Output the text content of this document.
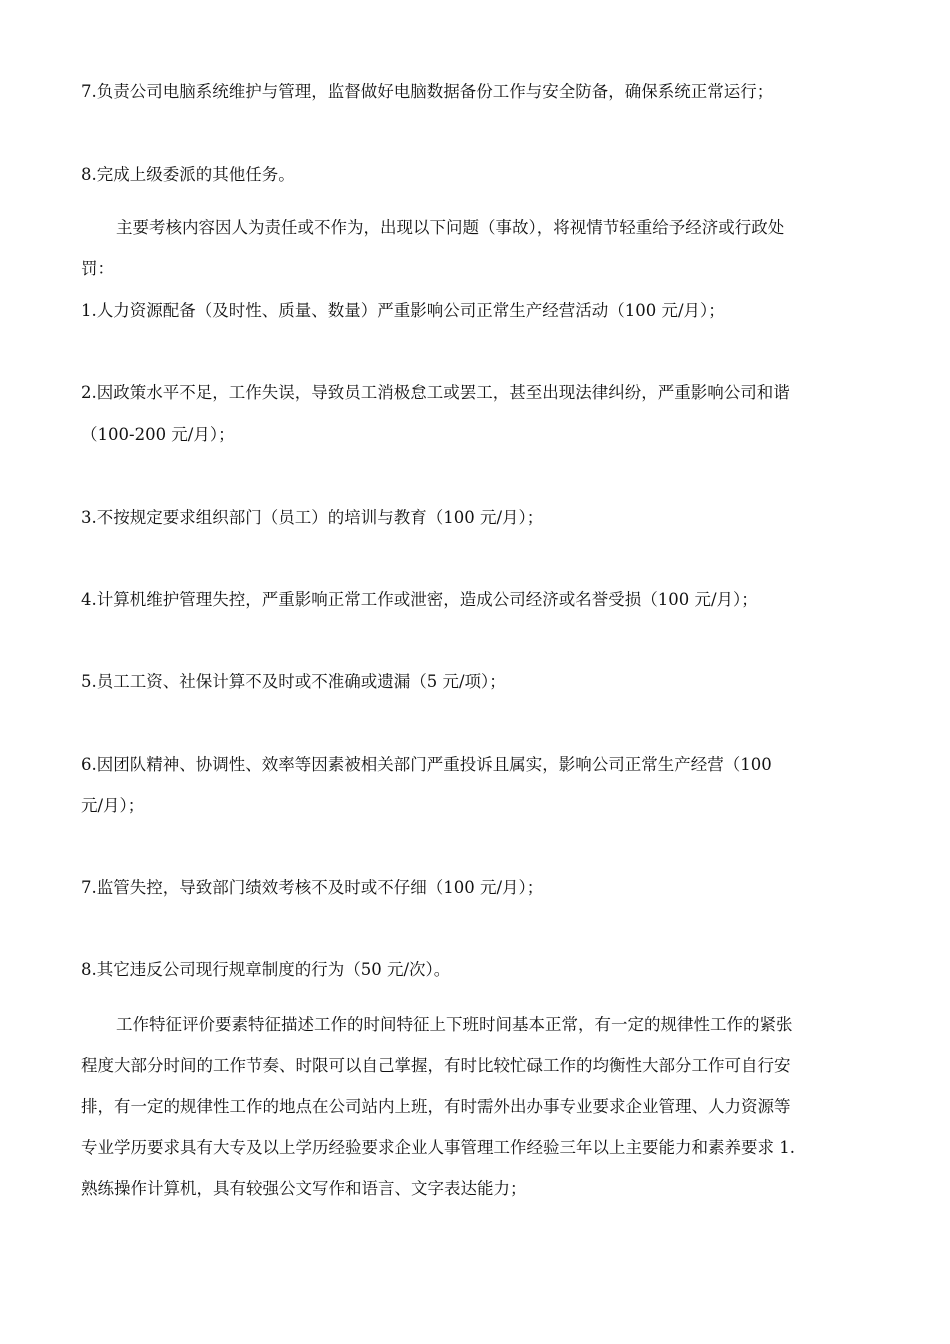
7.负责公司电脑系统维护与管理，监督做好电脑数据备份工作与安全防备，确保系统正常运行；
8.完成上级委派的其他任务。
主要考核内容因人为责任或不作为，出现以下问题（事故），将视情节轻重给予经济或行政处
罚：
1.人力资源配备（及时性、质量、数量）严重影响公司正常生产经营活动（100 元/月）；
2.因政策水平不足，工作失误，导致员工消极怠工或罢工，甚至出现法律纠纷，严重影响公司和谐
（100-200 元/月）；
3.不按规定要求组织部门（员工）的培训与教育（100 元/月）；
4.计算机维护管理失控，严重影响正常工作或泄密，造成公司经济或名誉受损（100 元/月）；
5.员工工资、社保计算不及时或不准确或遗漏（5 元/项）；
6.因团队精神、协调性、效率等因素被相关部门严重投诉且属实，影响公司正常生产经营（100
元/月）；
7.监管失控，导致部门绩效考核不及时或不仔细（100 元/月）；
8.其它违反公司现行规章制度的行为（50 元/次）。
工作特征评价要素特征描述工作的时间特征上下班时间基本正常，有一定的规律性工作的紧张
程度大部分时间的工作节奏、时限可以自己掌握，有时比较忙碌工作的均衡性大部分工作可自行安
排，有一定的规律性工作的地点在公司站内上班，有时需外出办事专业要求企业管理、人力资源等
专业学历要求具有大专及以上学历经验要求企业人事管理工作经验三年以上主要能力和素养要求 1.
熟练操作计算机，具有较强公文写作和语言、文字表达能力；
